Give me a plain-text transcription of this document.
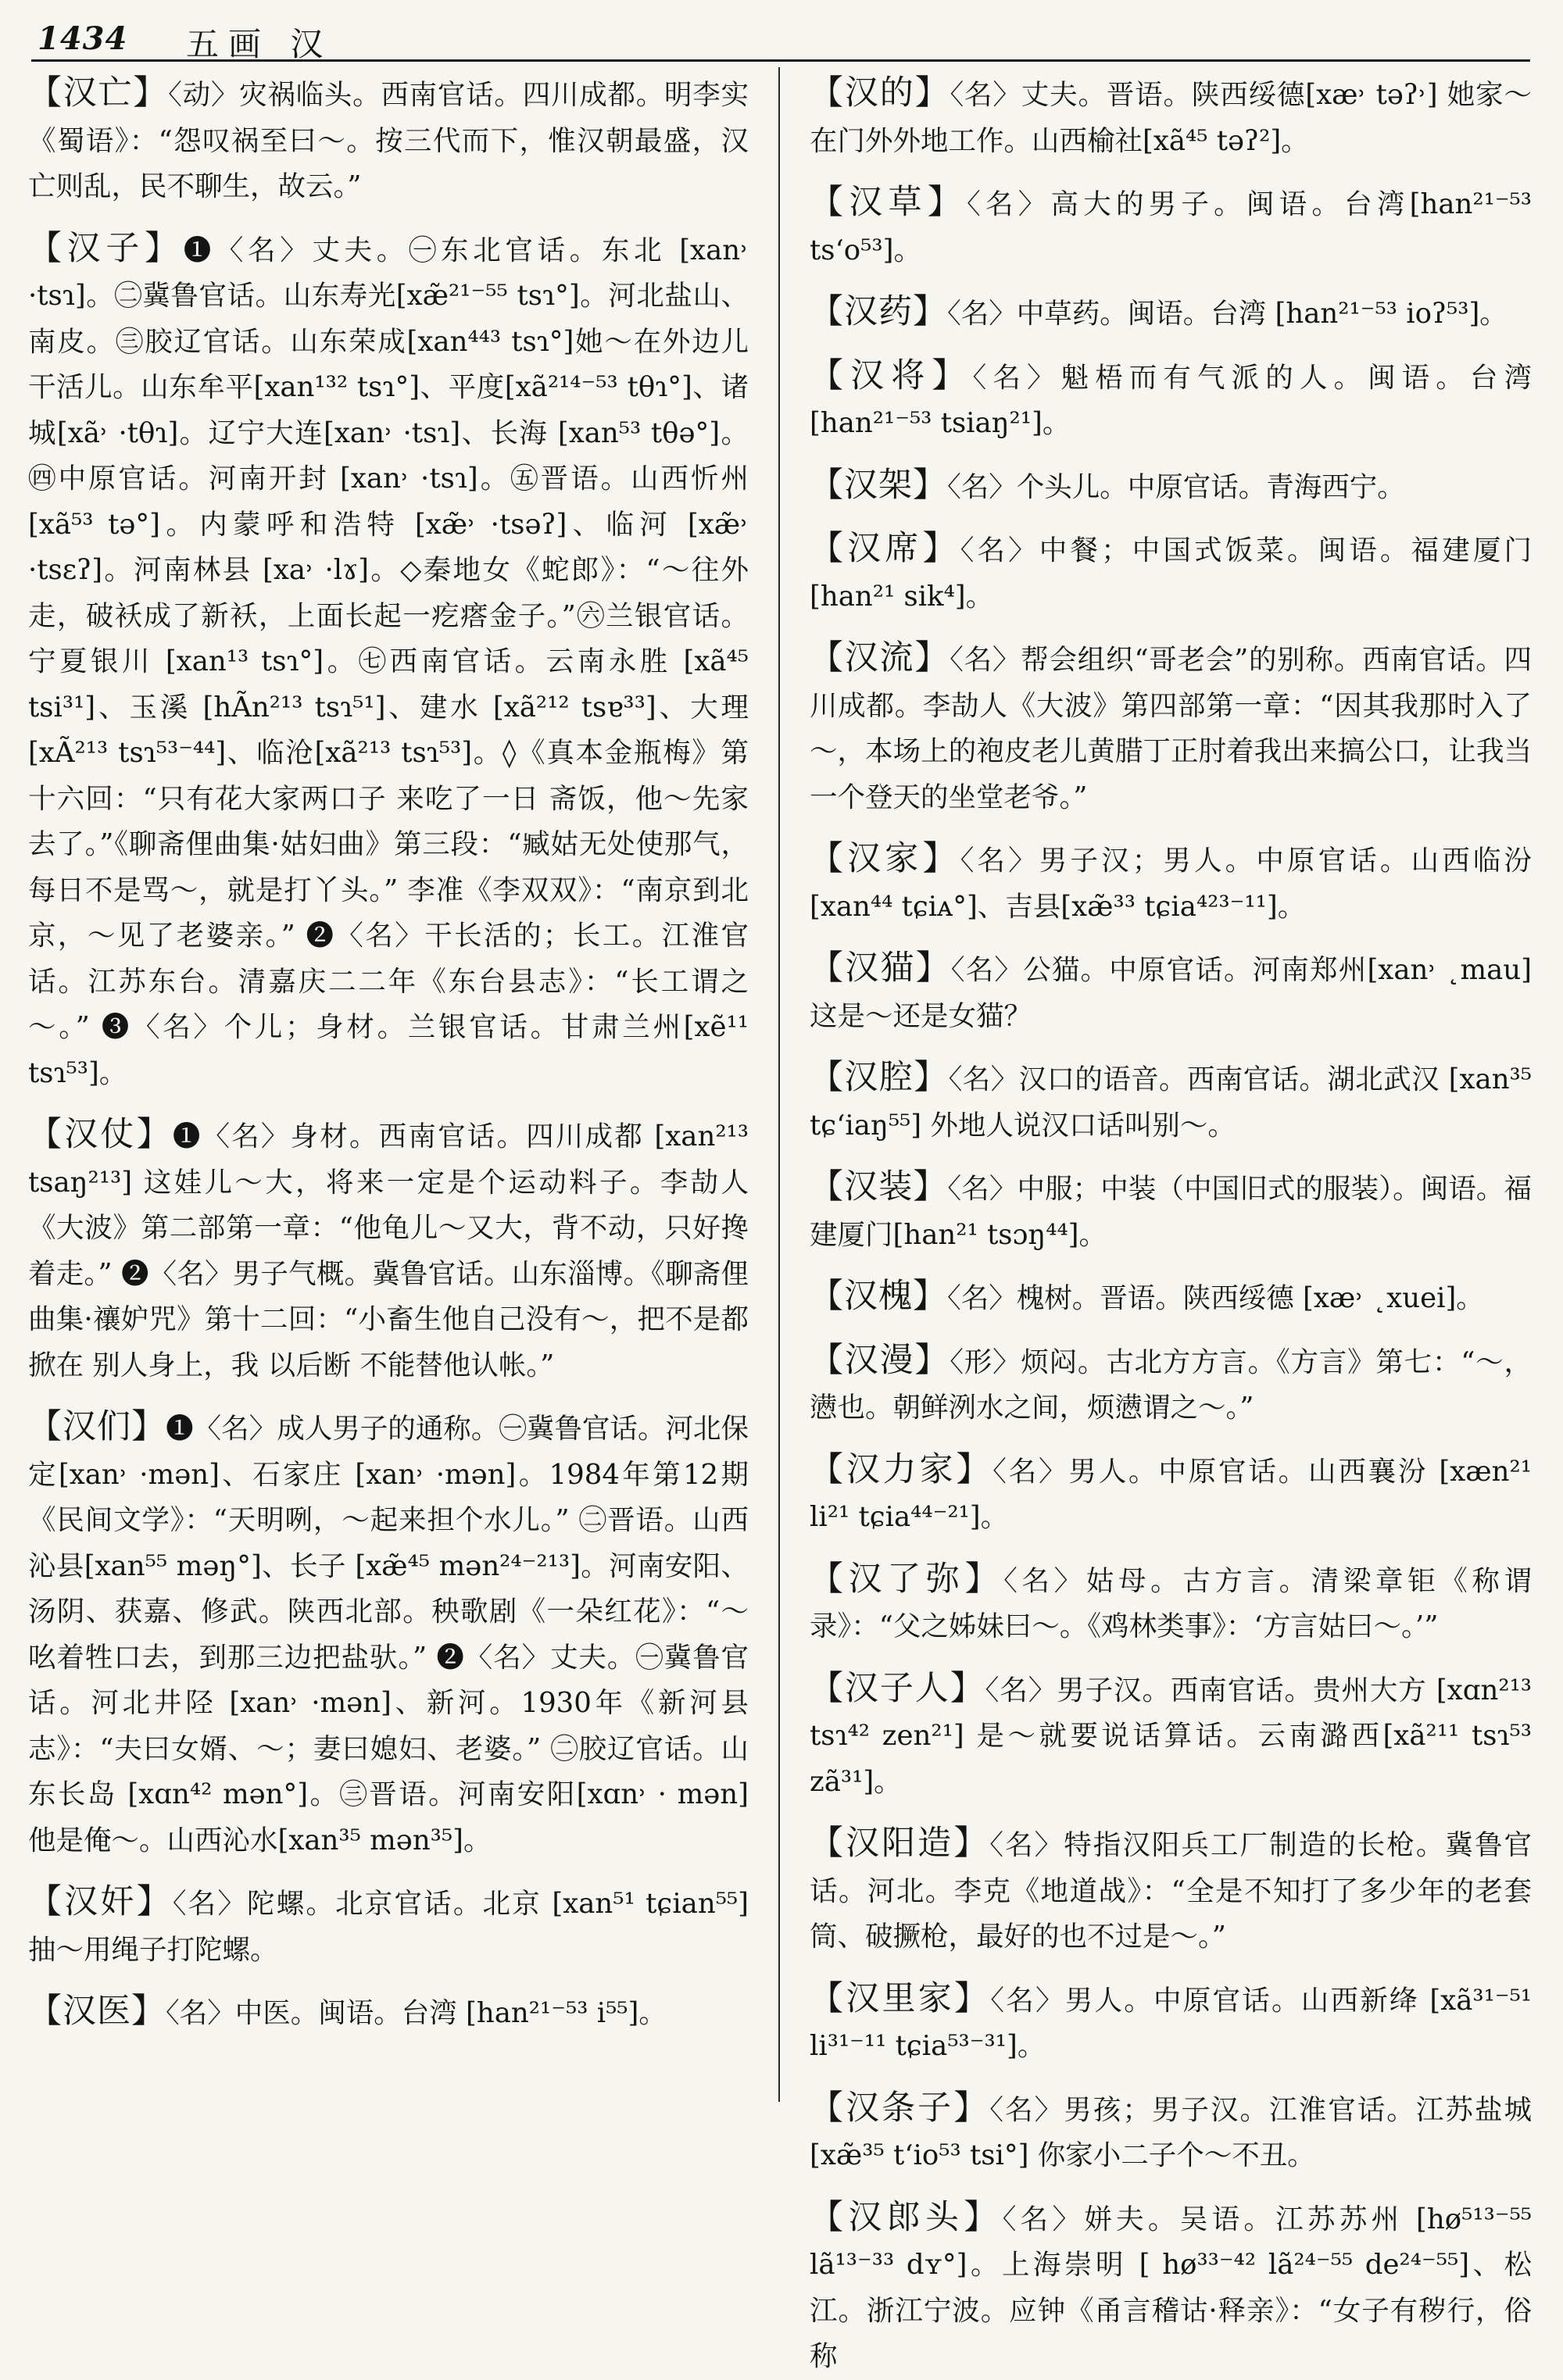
1434 五画 汉
【汉亡】〈动〉灾祸临头。西南官话。四川成都。明李实《蜀语》：“怨叹祸至曰～。按三代而下，惟汉朝最盛，汉亡则乱，民不聊生，故云。”
【汉子】❶〈名〉丈夫。㊀东北官话。东北 [xan˒ ·tsɿ]。㊁冀鲁官话。山东寿光[xæ̃²¹⁻⁵⁵ tsɿ°]。河北盐山、南皮。㊂胶辽官话。山东荣成[xan⁴⁴³ tsɿ°]她～在外边儿干活儿。山东牟平[xan¹³² tsɿ°]、平度[xã²¹⁴⁻⁵³ tθɿ°]、诸城[xã˒ ·tθɿ]。辽宁大连[xan˒ ·tsɿ]、长海 [xan⁵³ tθə°]。㊃中原官话。河南开封 [xan˒ ·tsɿ]。㊄晋语。山西忻州 [xã⁵³ tə°]。内蒙呼和浩特 [xæ̃˒ ·tsəʔ]、临河 [xæ̃˒ ·tsɛʔ]。河南林县 [xa˒ ·lɤ]。◇秦地女《蛇郎》：“～往外走，破袄成了新袄，上面长起一疙瘩金子。”㊅兰银官话。宁夏银川 [xan¹³ tsɿ°]。㊆西南官话。云南永胜 [xã⁴⁵ tsi³¹]、玉溪 [hÃn²¹³ tsɿ⁵¹]、建水 [xã²¹² tsɐ³³]、大理 [xÃ²¹³ tsɿ⁵³⁻⁴⁴]、临沧[xã²¹³ tsɿ⁵³]。◊《真本金瓶梅》第十六回：“只有花大家两口子 来吃了一日 斋饭，他～先家去了。”《聊斋俚曲集·姑妇曲》第三段：“臧姑无处使那气，每日不是骂～，就是打丫头。” 李准《李双双》：“南京到北京，～见了老婆亲。” ❷〈名〉干长活的；长工。江淮官话。江苏东台。清嘉庆二二年《东台县志》：“长工谓之～。” ❸〈名〉个儿；身材。兰银官话。甘肃兰州[xẽ¹¹ tsɿ⁵³]。
【汉仗】❶〈名〉身材。西南官话。四川成都 [xan²¹³ tsaŋ²¹³] 这娃儿～大，将来一定是个运动料子。李劼人《大波》第二部第一章：“他龟儿～又大，背不动，只好搀着走。” ❷〈名〉男子气概。冀鲁官话。山东淄博。《聊斋俚曲集·禳妒咒》第十二回：“小畜生他自己没有～，把不是都掀在 别人身上，我 以后断 不能替他认帐。”
【汉们】❶〈名〉成人男子的通称。㊀冀鲁官话。河北保定[xan˒ ·mən]、石家庄 [xan˒ ·mən]。1984年第12期《民间文学》：“天明咧，～起来担个水儿。” ㊁晋语。山西沁县[xan⁵⁵ məŋ°]、长子 [xæ̃⁴⁵ mən²⁴⁻²¹³]。河南安阳、汤阴、获嘉、修武。陕西北部。秧歌剧《一朵红花》：“～吆着牲口去，到那三边把盐驮。” ❷〈名〉丈夫。㊀冀鲁官话。河北井陉 [xan˒ ·mən]、新河。1930年《新河县志》：“夫曰女婿、～；妻曰媳妇、老婆。” ㊁胶辽官话。山东长岛 [xɑn⁴² mən°]。㊂晋语。河南安阳[xɑn˒ · mən] 他是俺～。山西沁水[xan³⁵ mən³⁵]。
【汉奸】〈名〉陀螺。北京官话。北京 [xan⁵¹ tɕian⁵⁵] 抽～用绳子打陀螺。
【汉医】〈名〉中医。闽语。台湾 [han²¹⁻⁵³ i⁵⁵]。
【汉的】〈名〉丈夫。晋语。陕西绥德[xæ˒ təʔ˒] 她家～在门外外地工作。山西榆社[xã⁴⁵ təʔ²]。
【汉草】〈名〉高大的男子。闽语。台湾[han²¹⁻⁵³ ts‘o⁵³]。
【汉药】〈名〉中草药。闽语。台湾 [han²¹⁻⁵³ ioʔ⁵³]。
【汉将】〈名〉魁梧而有气派的人。闽语。台湾 [han²¹⁻⁵³ tsiaŋ²¹]。
【汉架】〈名〉个头儿。中原官话。青海西宁。
【汉席】〈名〉中餐；中国式饭菜。闽语。福建厦门 [han²¹ sik⁴]。
【汉流】〈名〉帮会组织“哥老会”的别称。西南官话。四川成都。李劼人《大波》第四部第一章：“因其我那时入了～，本场上的袍皮老儿黄腊丁正肘着我出来搞公口，让我当一个登天的坐堂老爷。”
【汉家】〈名〉男子汉；男人。中原官话。山西临汾 [xan⁴⁴ tɕiᴀ°]、吉县[xæ̃³³ tɕia⁴²³⁻¹¹]。
【汉猫】〈名〉公猫。中原官话。河南郑州[xan˒ ˛mau] 这是～还是女猫？
【汉腔】〈名〉汉口的语音。西南官话。湖北武汉 [xan³⁵ tɕ‘iaŋ⁵⁵] 外地人说汉口话叫别～。
【汉装】〈名〉中服；中装（中国旧式的服装）。闽语。福建厦门[han²¹ tsɔŋ⁴⁴]。
【汉槐】〈名〉槐树。晋语。陕西绥德 [xæ˒ ˛xuei]。
【汉漫】〈形〉烦闷。古北方方言。《方言》第七：“～，懑也。朝鲜洌水之间，烦懑谓之～。”
【汉力家】〈名〉男人。中原官话。山西襄汾 [xæn²¹ li²¹ tɕia⁴⁴⁻²¹]。
【汉了弥】〈名〉姑母。古方言。清梁章钜《称谓录》：“父之姊妹曰～。《鸡林类事》：‘方言姑曰～。’”
【汉子人】〈名〉男子汉。西南官话。贵州大方 [xɑn²¹³ tsɿ⁴² zen²¹] 是～就要说话算话。云南潞西[xã²¹¹ tsɿ⁵³ zã³¹]。
【汉阳造】〈名〉特指汉阳兵工厂制造的长枪。冀鲁官话。河北。李克《地道战》：“全是不知打了多少年的老套筒、破撅枪，最好的也不过是～。”
【汉里家】〈名〉男人。中原官话。山西新绛 [xã³¹⁻⁵¹ li³¹⁻¹¹ tɕia⁵³⁻³¹]。
【汉条子】〈名〉男孩；男子汉。江淮官话。江苏盐城 [xæ̃³⁵ t‘io⁵³ tsi°] 你家小二子个～不丑。
【汉郎头】〈名〉姘夫。吴语。江苏苏州 [hø⁵¹³⁻⁵⁵ lã¹³⁻³³ dʏ°]。上海崇明 [ hø³³⁻⁴² lã²⁴⁻⁵⁵ de²⁴⁻⁵⁵]、松江。浙江宁波。应钟《甬言稽诂·释亲》：“女子有秽行，俗称
